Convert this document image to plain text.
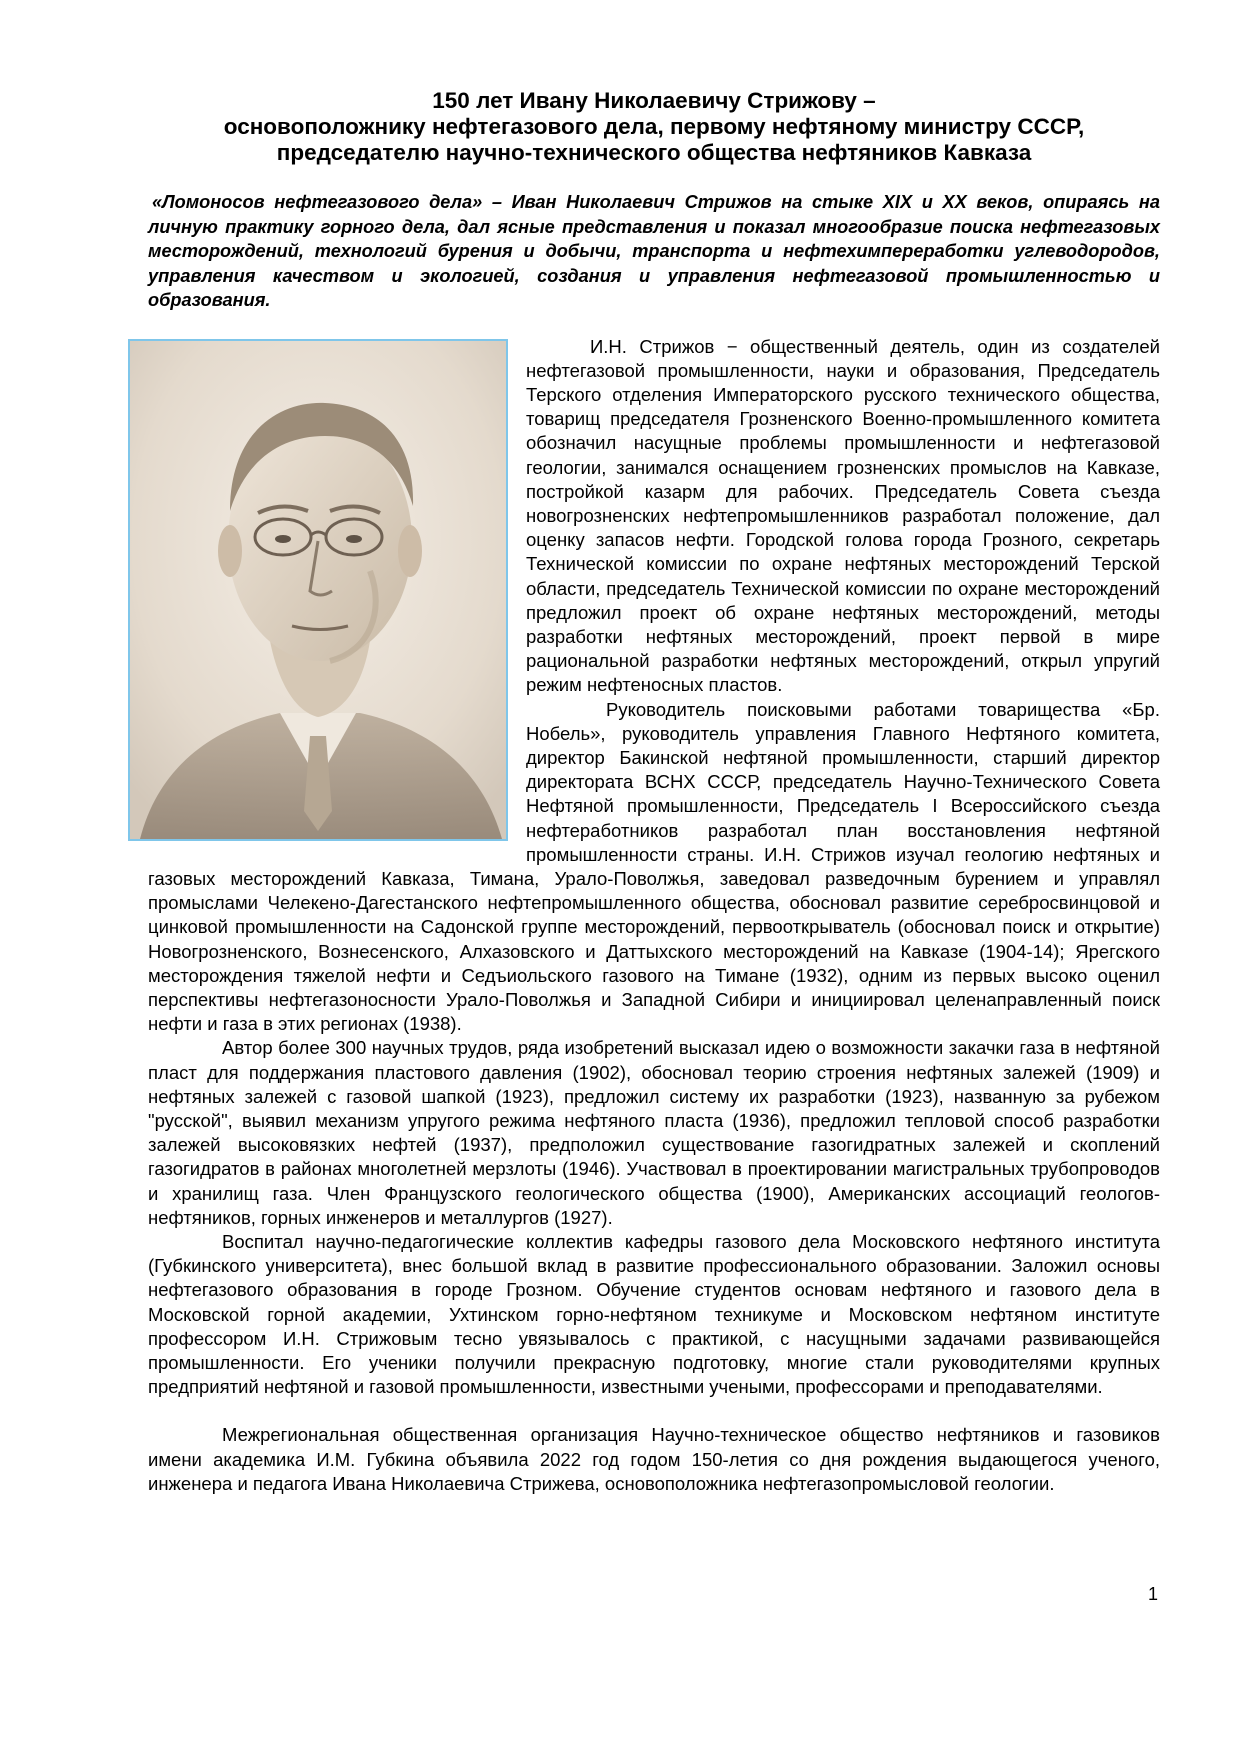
150 лет Ивану Николаевичу Стрижову –
основоположнику нефтегазового дела, первому нефтяному министру СССР,
председателю научно-технического общества нефтяников Кавказа

«Ломоносов нефтегазового дела» – Иван Николаевич Стрижов на стыке XIX и XX веков, опираясь на личную практику горного дела, дал ясные представления и показал многообразие поиска нефтегазовых месторождений, технологий бурения и добычи, транспорта и нефтехимпереработки углеводородов, управления качеством и экологией, создания и управления нефтегазовой промышленностью и образования.

И.Н. Стрижов − общественный деятель, один из создателей нефтегазовой промышленности, науки и образования, Председатель Терского отделения Императорского русского технического общества, товарищ председателя Грозненского Военно-промышленного комитета обозначил насущные проблемы промышленности и нефтегазовой геологии, занимался оснащением грозненских промыслов на Кавказе, постройкой казарм для рабочих. Председатель Совета съезда новогрозненских нефтепромышленников разработал положение, дал оценку запасов нефти. Городской голова города Грозного, секретарь Технической комиссии по охране нефтяных месторождений Терской области, председатель Технической комиссии по охране месторождений предложил проект об охране нефтяных месторождений, методы разработки нефтяных месторождений, проект первой в мире рациональной разработки нефтяных месторождений, открыл упругий режим нефтеносных пластов.

Руководитель поисковыми работами товарищества «Бр. Нобель», руководитель управления Главного Нефтяного комитета, директор Бакинской нефтяной промышленности, старший директор директората ВСНХ СССР, председатель Научно-Технического Совета Нефтяной промышленности, Председатель I Всероссийского съезда нефтеработников разработал план восстановления нефтяной промышленности страны. И.Н. Стрижов изучал геологию нефтяных и газовых месторождений Кавказа, Тимана, Урало-Поволжья, заведовал разведочным бурением и управлял промыслами Челекено-Дагестанского нефтепромышленного общества, обосновал развитие серебросвинцовой и цинковой промышленности на Садонской группе месторождений, первооткрыватель (обосновал поиск и открытие) Новогрозненского, Вознесенского, Алхазовского и Даттыхского месторождений на Кавказе (1904-14); Ярегского месторождения тяжелой нефти и Седъиольского газового на Тимане (1932), одним из первых высоко оценил перспективы нефтегазоносности Урало-Поволжья и Западной Сибири и инициировал целенаправленный поиск нефти и газа в этих регионах (1938).

Автор более 300 научных трудов, ряда изобретений высказал идею о возможности закачки газа в нефтяной пласт для поддержания пластового давления (1902), обосновал теорию строения нефтяных залежей (1909) и нефтяных залежей с газовой шапкой (1923), предложил систему их разработки (1923), названную за рубежом "русской", выявил механизм упругого режима нефтяного пласта (1936), предложил тепловой способ разработки залежей высоковязких нефтей (1937), предположил существование газогидратных залежей и скоплений газогидратов в районах многолетней мерзлоты (1946). Участвовал в проектировании магистральных трубопроводов и хранилищ газа. Член Французского геологического общества (1900), Американских ассоциаций геологов-нефтяников, горных инженеров и металлургов (1927).

Воспитал научно-педагогические коллектив кафедры газового дела Московского нефтяного института (Губкинского университета), внес большой вклад в развитие профессионального образовании. Заложил основы нефтегазового образования в городе Грозном. Обучение студентов основам нефтяного и газового дела в Московской горной академии, Ухтинском горно-нефтяном техникуме и Московском нефтяном институте профессором И.Н. Стрижовым тесно увязывалось с практикой, с насущными задачами развивающейся промышленности. Его ученики получили прекрасную подготовку, многие стали руководителями крупных предприятий нефтяной и газовой промышленности, известными учеными, профессорами и преподавателями.

Межрегиональная общественная организация Научно-техническое общество нефтяников и газовиков имени академика И.М. Губкина объявила 2022 год годом 150-летия со дня рождения выдающегося ученого, инженера и педагога Ивана Николаевича Стрижева, основоположника нефтегазопромысловой геологии.

1
